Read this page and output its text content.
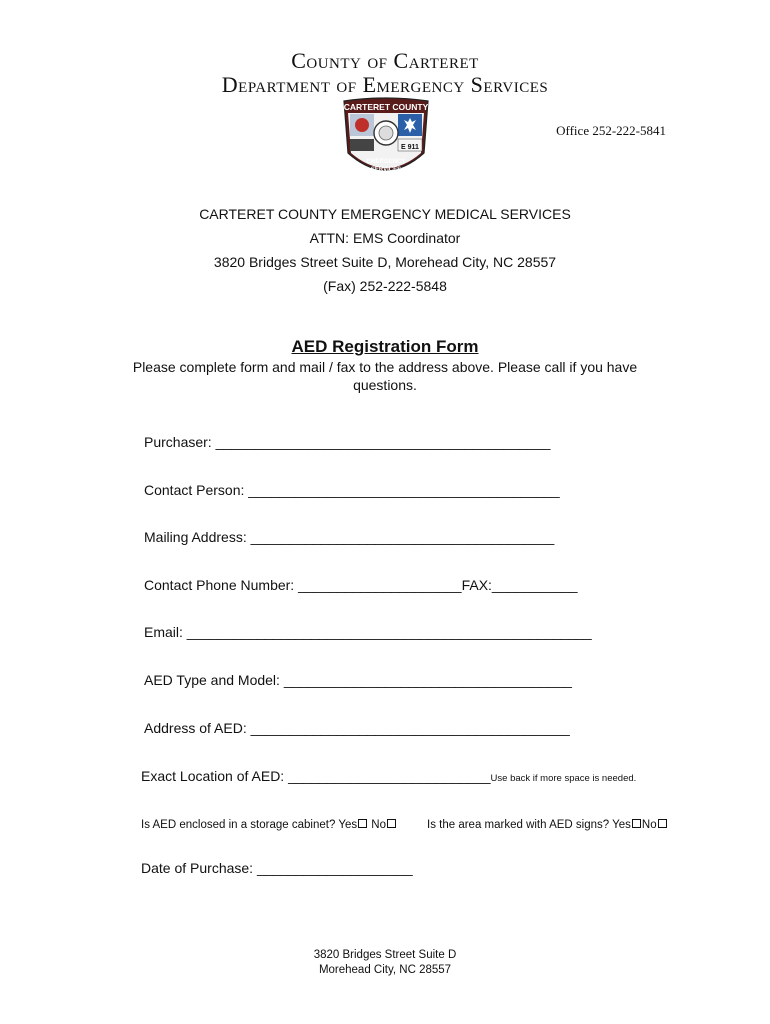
County of Carteret
Department of Emergency Services
CARTERET COUNTY
E 911
EMERGENCY
SERVICES
Office 252-222-5841
CARTERET COUNTY EMERGENCY MEDICAL SERVICES
ATTN: EMS Coordinator
3820 Bridges Street Suite D, Morehead City, NC 28557
(Fax) 252-222-5848
AED Registration Form
Please complete form and mail / fax to the address above. Please call if you have
questions.
Purchaser: ___________________________________________
Contact Person: ________________________________________
Mailing Address: _______________________________________
Contact Phone Number: _____________________FAX:___________
Email: ____________________________________________________
AED Type and Model: _____________________________________
Address of AED: _________________________________________
Exact Location of AED: __________________________Use back if more space is needed.
Is AED enclosed in a storage cabinet? Yes No	Is the area marked with AED signs? Yes No
Date of Purchase: ____________________
3820 Bridges Street Suite D
Morehead City, NC 28557
